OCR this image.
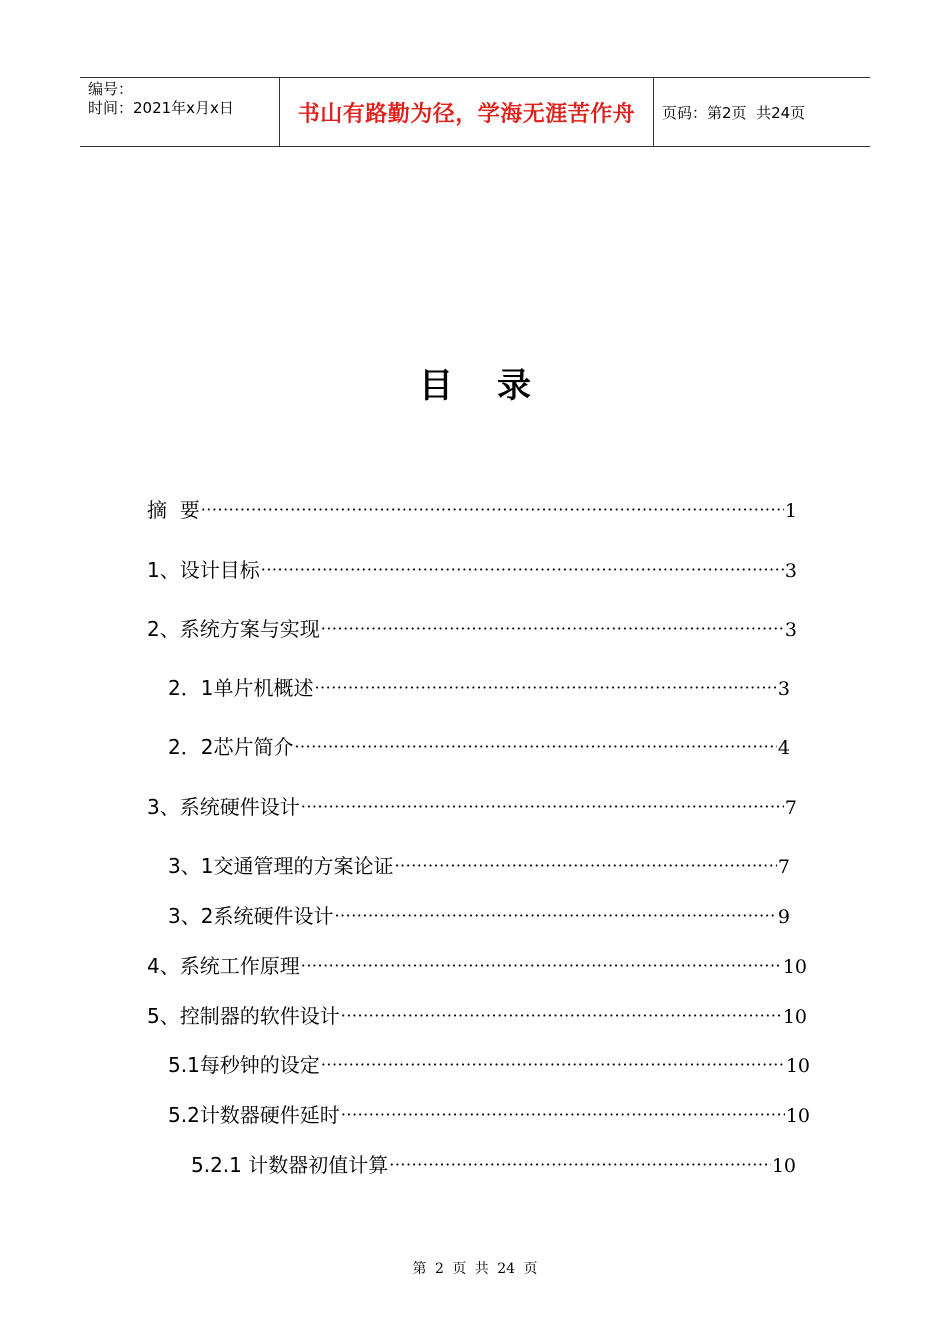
编号：
时间：2021年x月x日	书山有路勤为径，学海无涯苦作舟	页码：第2页  共24页
目录
摘  要 ·····	1
1、设计目标 ·····	3
2、系统方案与实现 ·····	3
2．1单片机概述 ·····	3
2．2芯片简介 ·····	4
3、系统硬件设计 ·····	7
3、1交通管理的方案论证 ·····	7
3、2系统硬件设计 ·····	9
4、系统工作原理 ·····	10
5、控制器的软件设计 ·····	10
5.1每秒钟的设定 ·····	10
5.2计数器硬件延时 ·····	10
5.2.1 计数器初值计算 ·····	10
第 2 页 共 24 页
